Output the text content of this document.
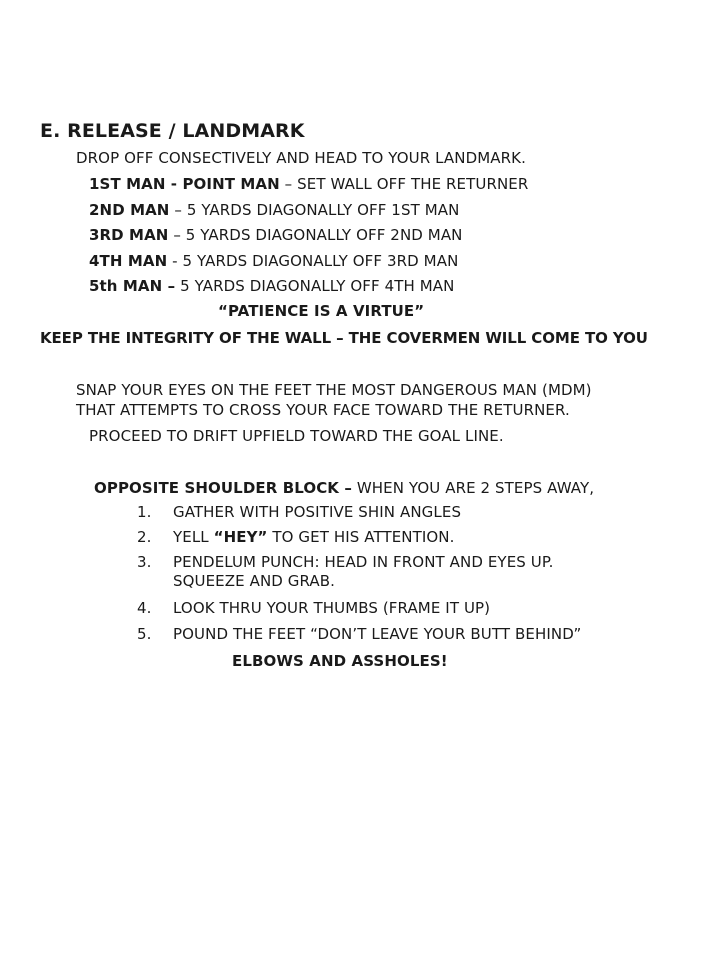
E. RELEASE / LANDMARK
DROP OFF CONSECTIVELY AND HEAD TO YOUR LANDMARK.
1ST MAN - POINT MAN – SET WALL OFF THE RETURNER
2ND MAN – 5 YARDS DIAGONALLY OFF 1ST MAN
3RD MAN – 5 YARDS DIAGONALLY OFF 2ND MAN
4TH MAN - 5 YARDS DIAGONALLY OFF 3RD MAN
5th MAN – 5 YARDS DIAGONALLY OFF 4TH MAN
“PATIENCE IS A VIRTUE”
KEEP THE INTEGRITY OF THE WALL – THE COVERMEN WILL COME TO YOU
SNAP YOUR EYES ON THE FEET THE MOST DANGEROUS MAN (MDM)
THAT ATTEMPTS TO CROSS YOUR FACE TOWARD THE RETURNER.
PROCEED TO DRIFT UPFIELD TOWARD THE GOAL LINE.
OPPOSITE SHOULDER BLOCK – WHEN YOU ARE 2 STEPS AWAY,
1. GATHER WITH POSITIVE SHIN ANGLES
2. YELL “HEY” TO GET HIS ATTENTION.
3. PENDELUM PUNCH: HEAD IN FRONT AND EYES UP.
SQUEEZE AND GRAB.
4. LOOK THRU YOUR THUMBS (FRAME IT UP)
5. POUND THE FEET “DON’T LEAVE YOUR BUTT BEHIND”
ELBOWS AND ASSHOLES!
